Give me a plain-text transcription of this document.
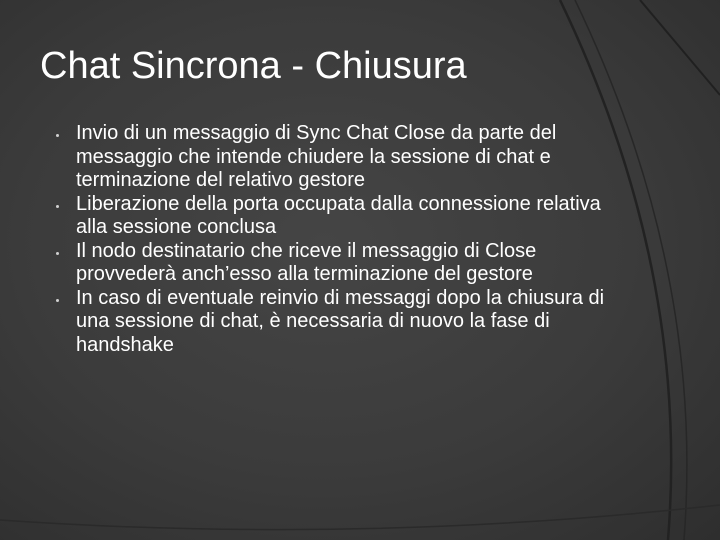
Chat Sincrona - Chiusura
Invio di un messaggio di Sync Chat Close da parte del messaggio che intende chiudere la sessione di chat e terminazione del relativo gestore
Liberazione della porta occupata dalla connessione relativa alla sessione conclusa
Il nodo destinatario che riceve il messaggio di Close provvederà anch’esso alla terminazione del gestore
In caso di eventuale reinvio di messaggi dopo la chiusura di una sessione di chat, è necessaria di nuovo la fase di handshake
